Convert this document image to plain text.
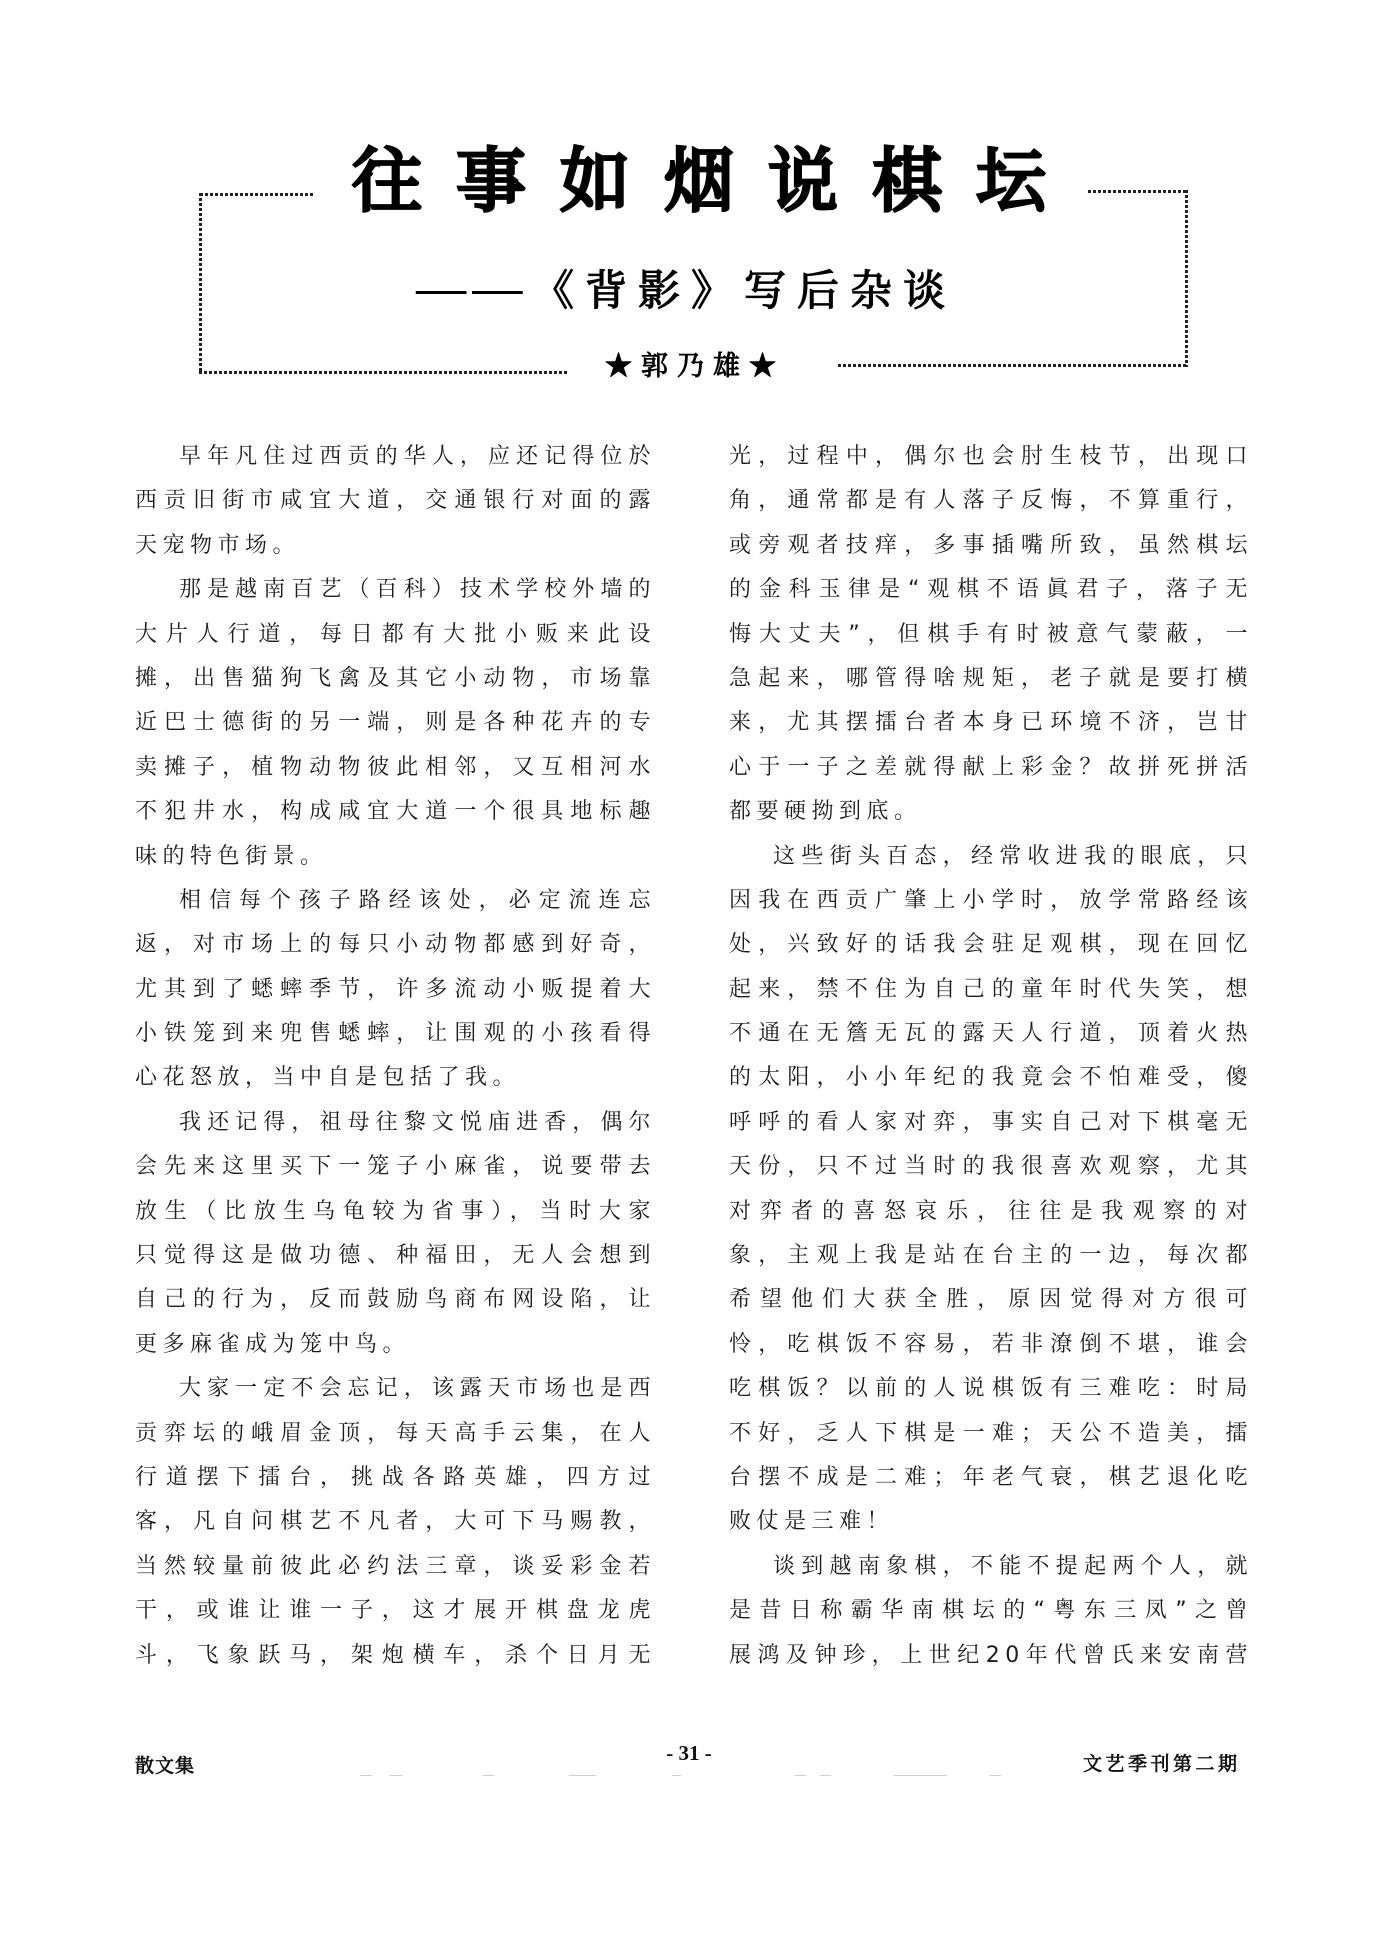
往事如烟说棋坛
—— 《背影》写后杂谈
★郭乃雄★
早年凡住过西贡的华人，应还记得位於
西贡旧街市咸宜大道，交通银行对面的露
天宠物市场。
那是越南百艺（百科）技术学校外墙的
大片人行道，每日都有大批小贩来此设
摊，出售猫狗飞禽及其它小动物，市场靠
近巴士德街的另一端，则是各种花卉的专
卖摊子，植物动物彼此相邻，又互相河水
不犯井水，构成咸宜大道一个很具地标趣
味的特色街景。
相信每个孩子路经该处，必定流连忘
返，对市场上的每只小动物都感到好奇，
尤其到了蟋蟀季节，许多流动小贩提着大
小铁笼到来兜售蟋蟀，让围观的小孩看得
心花怒放，当中自是包括了我。
我还记得，祖母往黎文悦庙进香，偶尔
会先来这里买下一笼子小麻雀，说要带去
放生（比放生乌龟较为省事），当时大家
只觉得这是做功德、种福田，无人会想到
自己的行为，反而鼓励鸟商布网设陷，让
更多麻雀成为笼中鸟。
大家一定不会忘记，该露天市场也是西
贡弈坛的峨眉金顶，每天高手云集，在人
行道摆下擂台，挑战各路英雄，四方过
客，凡自问棋艺不凡者，大可下马赐教，
当然较量前彼此必约法三章，谈妥彩金若
干，或谁让谁一子，这才展开棋盘龙虎
斗，飞象跃马，架炮横车，杀个日月无
光，过程中，偶尔也会肘生枝节，出现口
角，通常都是有人落子反悔，不算重行，
或旁观者技痒，多事插嘴所致，虽然棋坛
的金科玉律是“观棋不语眞君子，落子无
悔大丈夫”，但棋手有时被意气蒙蔽，一
急起来，哪管得啥规矩，老子就是要打横
来，尤其摆擂台者本身已环境不济，岂甘
心于一子之差就得献上彩金？故拼死拼活
都要硬拗到底。
这些街头百态，经常收进我的眼底，只
因我在西贡广肇上小学时，放学常路经该
处，兴致好的话我会驻足观棋，现在回忆
起来，禁不住为自己的童年时代失笑，想
不通在无簷无瓦的露天人行道，顶着火热
的太阳，小小年纪的我竟会不怕难受，傻
呼呼的看人家对弈，事实自己对下棋毫无
天份，只不过当时的我很喜欢观察，尤其
对弈者的喜怒哀乐，往往是我观察的对
象，主观上我是站在台主的一边，每次都
希望他们大获全胜，原因觉得对方很可
怜，吃棋饭不容易，若非潦倒不堪，谁会
吃棋饭？以前的人说棋饭有三难吃：时局
不好，乏人下棋是一难；天公不造美，擂
台摆不成是二难；年老气衰，棋艺退化吃
败仗是三难！
谈到越南象棋，不能不提起两个人，就
是昔日称霸华南棋坛的“粤东三凤”之曾
展鸿及钟珍，上世纪20年代曾氏来安南营
散文集
- 31 -	文艺季刊第二期
